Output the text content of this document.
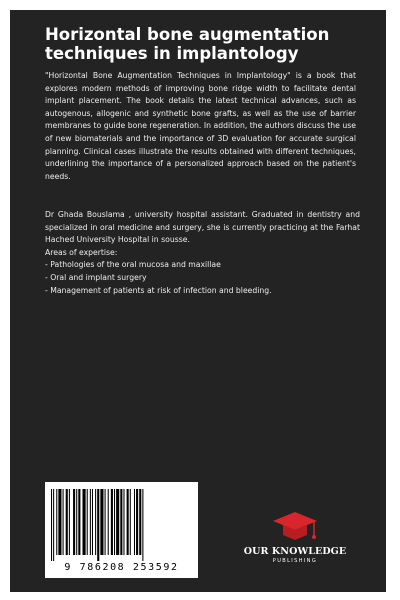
Horizontal bone augmentation techniques in implantology

"Horizontal Bone Augmentation Techniques in Implantology" is a book that explores modern methods of improving bone ridge width to facilitate dental implant placement. The book details the latest technical advances, such as autogenous, allogenic and synthetic bone grafts, as well as the use of barrier membranes to guide bone regeneration. In addition, the authors discuss the use of new biomaterials and the importance of 3D evaluation for accurate surgical planning. Clinical cases illustrate the results obtained with different techniques, underlining the importance of a personalized approach based on the patient's needs.

Dr Ghada Bouslama , university hospital assistant. Graduated in dentistry and specialized in oral medicine and surgery, she is currently practicing at the Farhat Hached University Hospital in sousse.

Areas of expertise:
- Pathologies of the oral mucosa and maxillae
- Oral and implant surgery
- Management of patients at risk of infection and bleeding.
9 786208 253592
OUR KNOWLEDGE
PUBLISHING
